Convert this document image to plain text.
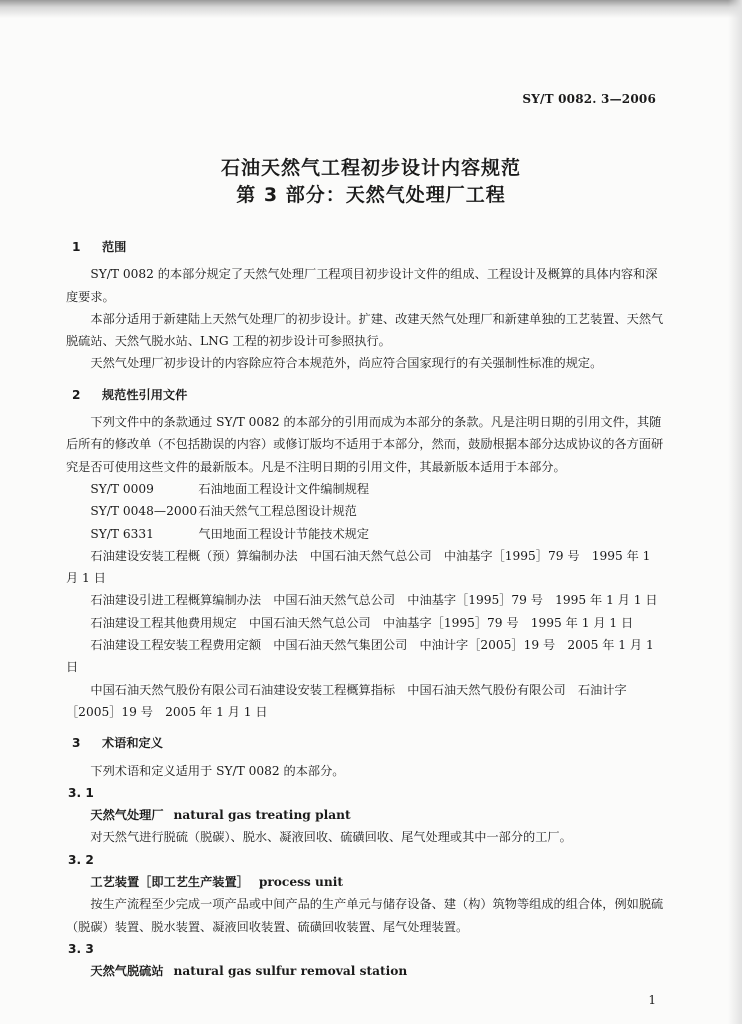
SY/T 0082. 3—2006
石油天然气工程初步设计内容规范
第 3 部分：天然气处理厂工程

1 范围

SY/T 0082 的本部分规定了天然气处理厂工程项目初步设计文件的组成、工程设计及概算的具体内容和深度要求。

本部分适用于新建陆上天然气处理厂的初步设计。扩建、改建天然气处理厂和新建单独的工艺装置、天然气脱硫站、天然气脱水站、LNG 工程的初步设计可参照执行。

天然气处理厂初步设计的内容除应符合本规范外，尚应符合国家现行的有关强制性标准的规定。

2 规范性引用文件

下列文件中的条款通过 SY/T 0082 的本部分的引用而成为本部分的条款。凡是注明日期的引用文件，其随后所有的修改单（不包括勘误的内容）或修订版均不适用于本部分，然而，鼓励根据本部分达成协议的各方面研究是否可使用这些文件的最新版本。凡是不注明日期的引用文件，其最新版本适用于本部分。

SY/T 0009	石油地面工程设计文件编制规程

SY/T 0048—2000石油天然气工程总图设计规范

SY/T 6331	气田地面工程设计节能技术规定

石油建设安装工程概（预）算编制办法　中国石油天然气总公司　中油基字［1995］79 号　1995 年 1 月 1 日

石油建设引进工程概算编制办法　中国石油天然气总公司　中油基字［1995］79 号　1995 年 1 月 1 日

石油建设工程其他费用规定　中国石油天然气总公司　中油基字［1995］79 号　1995 年 1 月 1 日

石油建设工程安装工程费用定额　中国石油天然气集团公司　中油计字［2005］19 号　2005 年 1 月 1 日

中国石油天然气股份有限公司石油建设安装工程概算指标　中国石油天然气股份有限公司　石油计字［2005］19 号　2005 年 1 月 1 日

3 术语和定义

下列术语和定义适用于 SY/T 0082 的本部分。

3. 1

天然气处理厂 natural gas treating plant

对天然气进行脱硫（脱碳）、脱水、凝液回收、硫磺回收、尾气处理或其中一部分的工厂。

3. 2

工艺装置［即工艺生产装置］ process unit

按生产流程至少完成一项产品或中间产品的生产单元与储存设备、建（构）筑物等组成的组合体，例如脱硫（脱碳）装置、脱水装置、凝液回收装置、硫磺回收装置、尾气处理装置。

3. 3

天然气脱硫站 natural gas sulfur removal station

1
